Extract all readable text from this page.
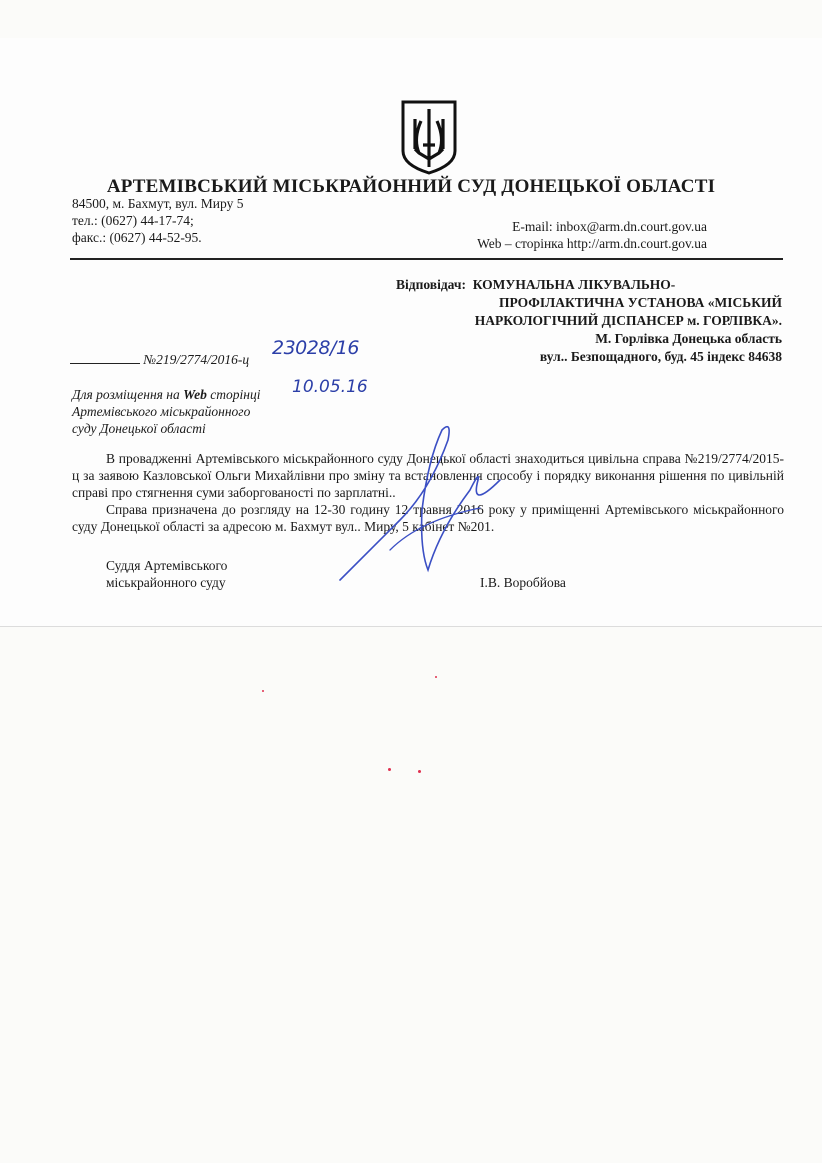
АРТЕМІВСЬКИЙ МІСЬКРАЙОННИЙ СУД ДОНЕЦЬКОЇ ОБЛАСТІ
84500, м. Бахмут, вул. Миру 5
тел.: (0627) 44-17-74;
факс.: (0627) 44-52-95.
E-mail: inbox@arm.dn.court.gov.ua
Web – сторінка http://arm.dn.court.gov.ua
Відповідач: КОМУНАЛЬНА ЛІКУВАЛЬНО-
ПРОФІЛАКТИЧНА УСТАНОВА «МІСЬКИЙ
НАРКОЛОГІЧНИЙ ДІСПАНСЕР м. ГОРЛІВКА».
М. Горлівка Донецька область
вул.. Безпощадного, буд. 45 індекс 84638
№219/2774/2016-ц
23028/16
10.05.16
Для розміщення на Web сторінці
Артемівського міськрайонного
суду Донецької області

В провадженні Артемівського міськрайонного суду Донецької області знаходиться цивільна справа №219/2774/2015-ц за заявою Казловської Ольги Михайлівни про зміну та встановлення способу і порядку виконання рішення по цивільній справі про стягнення суми заборгованості по зарплатні..

Справа призначена до розгляду на 12-30 годину 12 травня 2016 року у приміщенні Артемівського міськрайонного суду Донецької області за адресою м. Бахмут вул.. Миру, 5 кабінет №201.

Суддя Артемівського
міськрайонного суду	І.В. Воробйова
